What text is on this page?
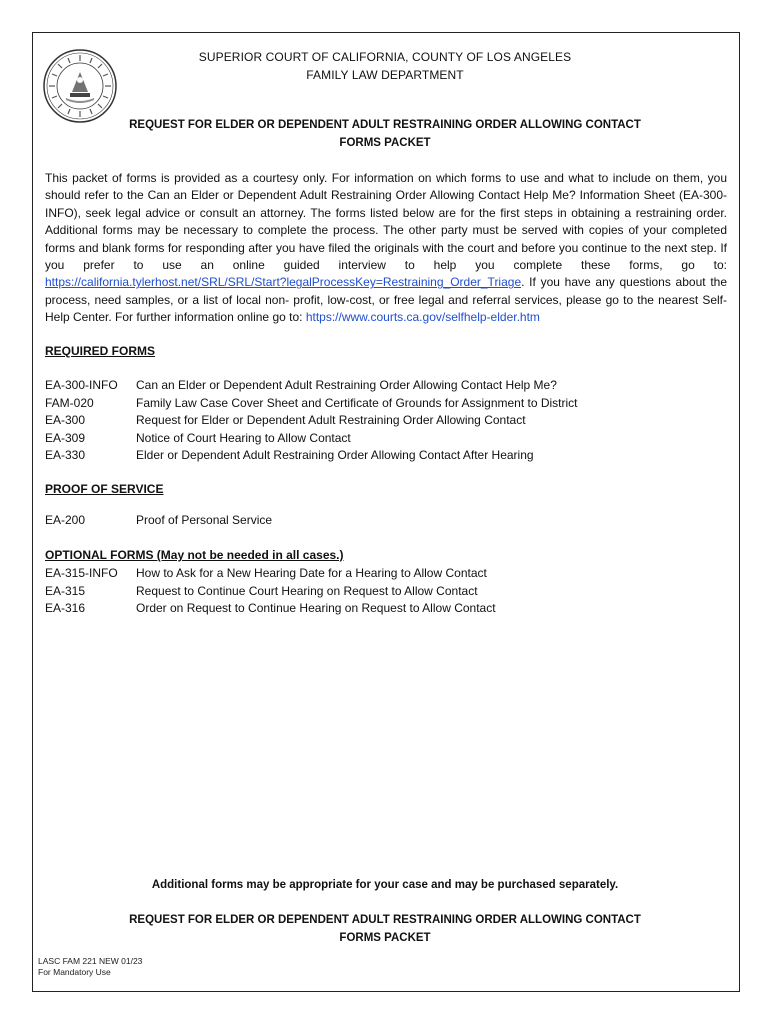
SUPERIOR COURT OF CALIFORNIA, COUNTY OF LOS ANGELES
FAMILY LAW DEPARTMENT
REQUEST FOR ELDER OR DEPENDENT ADULT RESTRAINING ORDER ALLOWING CONTACT
FORMS PACKET
This packet of forms is provided as a courtesy only. For information on which forms to use and what to include on them, you should refer to the Can an Elder or Dependent Adult Restraining Order Allowing Contact Help Me? Information Sheet (EA-300-INFO), seek legal advice or consult an attorney. The forms listed below are for the first steps in obtaining a restraining order. Additional forms may be necessary to complete the process. The other party must be served with copies of your completed forms and blank forms for responding after you have filed the originals with the court and before you continue to the next step. If you prefer to use an online guided interview to help you complete these forms, go to: https://california.tylerhost.net/SRL/SRL/Start?legalProcessKey=Restraining_Order_Triage. If you have any questions about the process, need samples, or a list of local non- profit, low-cost, or free legal and referral services, please go to the nearest Self-Help Center. For further information online go to: https://www.courts.ca.gov/selfhelp-elder.htm
REQUIRED FORMS
EA-300-INFO	Can an Elder or Dependent Adult Restraining Order Allowing Contact Help Me?
FAM-020	Family Law Case Cover Sheet and Certificate of Grounds for Assignment to District
EA-300	Request for Elder or Dependent Adult Restraining Order Allowing Contact
EA-309	Notice of Court Hearing to Allow Contact
EA-330	Elder or Dependent Adult Restraining Order Allowing Contact After Hearing
PROOF OF SERVICE
EA-200	Proof of Personal Service
OPTIONAL FORMS (May not be needed in all cases.)
EA-315-INFO	How to Ask for a New Hearing Date for a Hearing to Allow Contact
EA-315	Request to Continue Court Hearing on Request to Allow Contact
EA-316	Order on Request to Continue Hearing on Request to Allow Contact
Additional forms may be appropriate for your case and may be purchased separately.
REQUEST FOR ELDER OR DEPENDENT ADULT RESTRAINING ORDER ALLOWING CONTACT
FORMS PACKET
LASC FAM 221 NEW 01/23
For Mandatory Use
